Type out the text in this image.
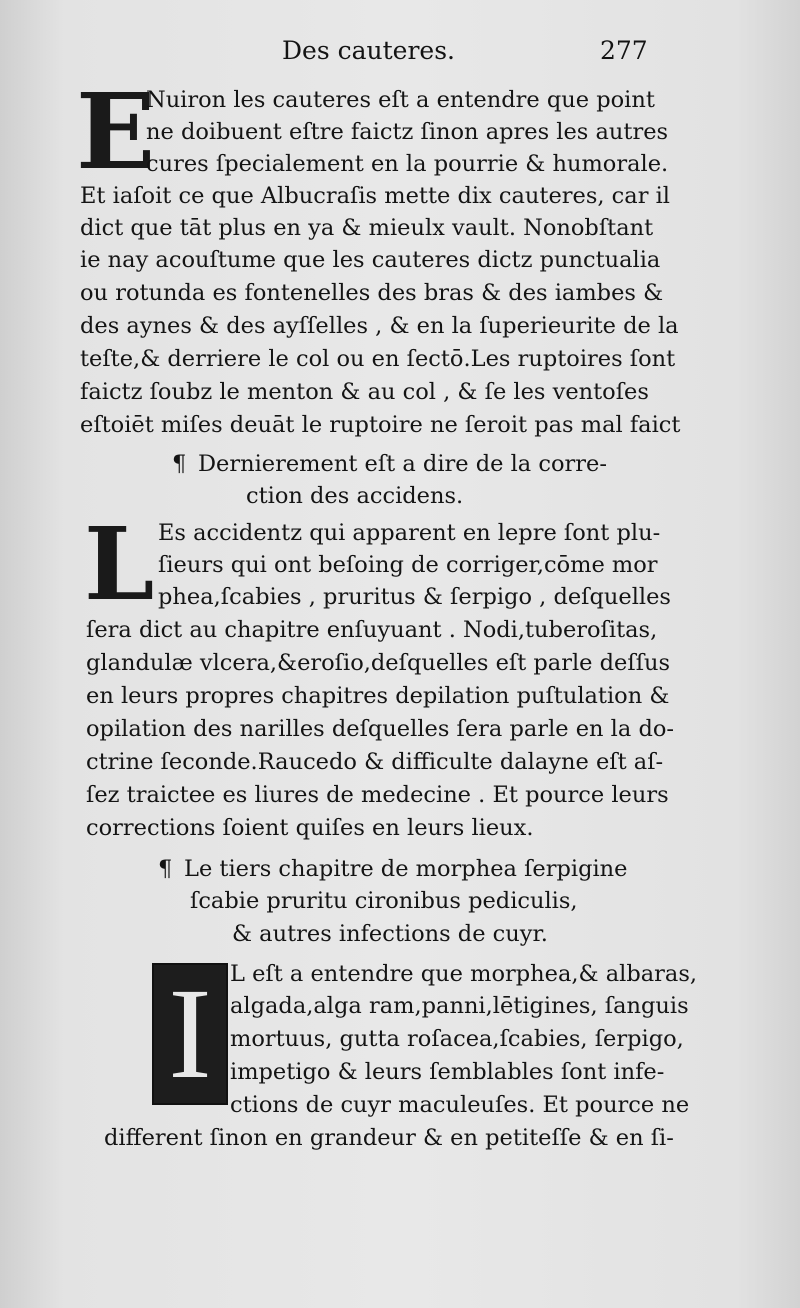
Des cauteres.	277
E
Nuiron les cauteres eſt a entendre que point
ne doibuent eſtre faictz ſinon apres les autres
cures ſpecialement en la pourrie & humorale.
Et iaſoit ce que Albucraſis mette dix cauteres, car il
dict que tāt plus en ya & mieulx vault. Nonobſtant
ie nay acouſtume que les cauteres dictz punctualia
ou rotunda es fontenelles des bras & des iambes &
des aynes & des ayſſelles , & en la ſuperieurite de la
teſte,& derriere le col ou en ſectō.Les ruptoires ſont
faictz ſoubz le menton & au col , & ſe les ventoſes
eſtoiēt miſes deuāt le ruptoire ne ſeroit pas mal faict
¶ Dernierement eſt a dire de la corre-
ction des accidens.
L Es accidentz qui apparent en lepre ſont plu-
ſieurs qui ont beſoing de corriger,cōme mor
phea,ſcabies , pruritus & ſerpigo , deſquelles
ſera dict au chapitre enſuyuant . Nodi,tuberoſitas,
glandulæ vlcera,&eroſio,deſquelles eſt parle deſſus
en leurs propres chapitres depilation puſtulation &
opilation des narilles deſquelles ſera parle en la do-
ctrine ſeconde.Raucedo & difficulte dalayne eſt aſ-
ſez traictee es liures de medecine . Et pource leurs
corrections ſoient quiſes en leurs lieux.
¶ Le tiers chapitre de morphea ſerpigine
ſcabie pruritu cironibus pediculis,
& autres infections de cuyr.
I L eſt a entendre que morphea,& albaras,
algada,alga ram,panni,lētigines, ſanguis
mortuus, gutta roſacea,ſcabies, ſerpigo,
impetigo & leurs ſemblables ſont infe-
ctions de cuyr maculeuſes. Et pource ne
different ſinon en grandeur & en petiteſſe & en ſi-
